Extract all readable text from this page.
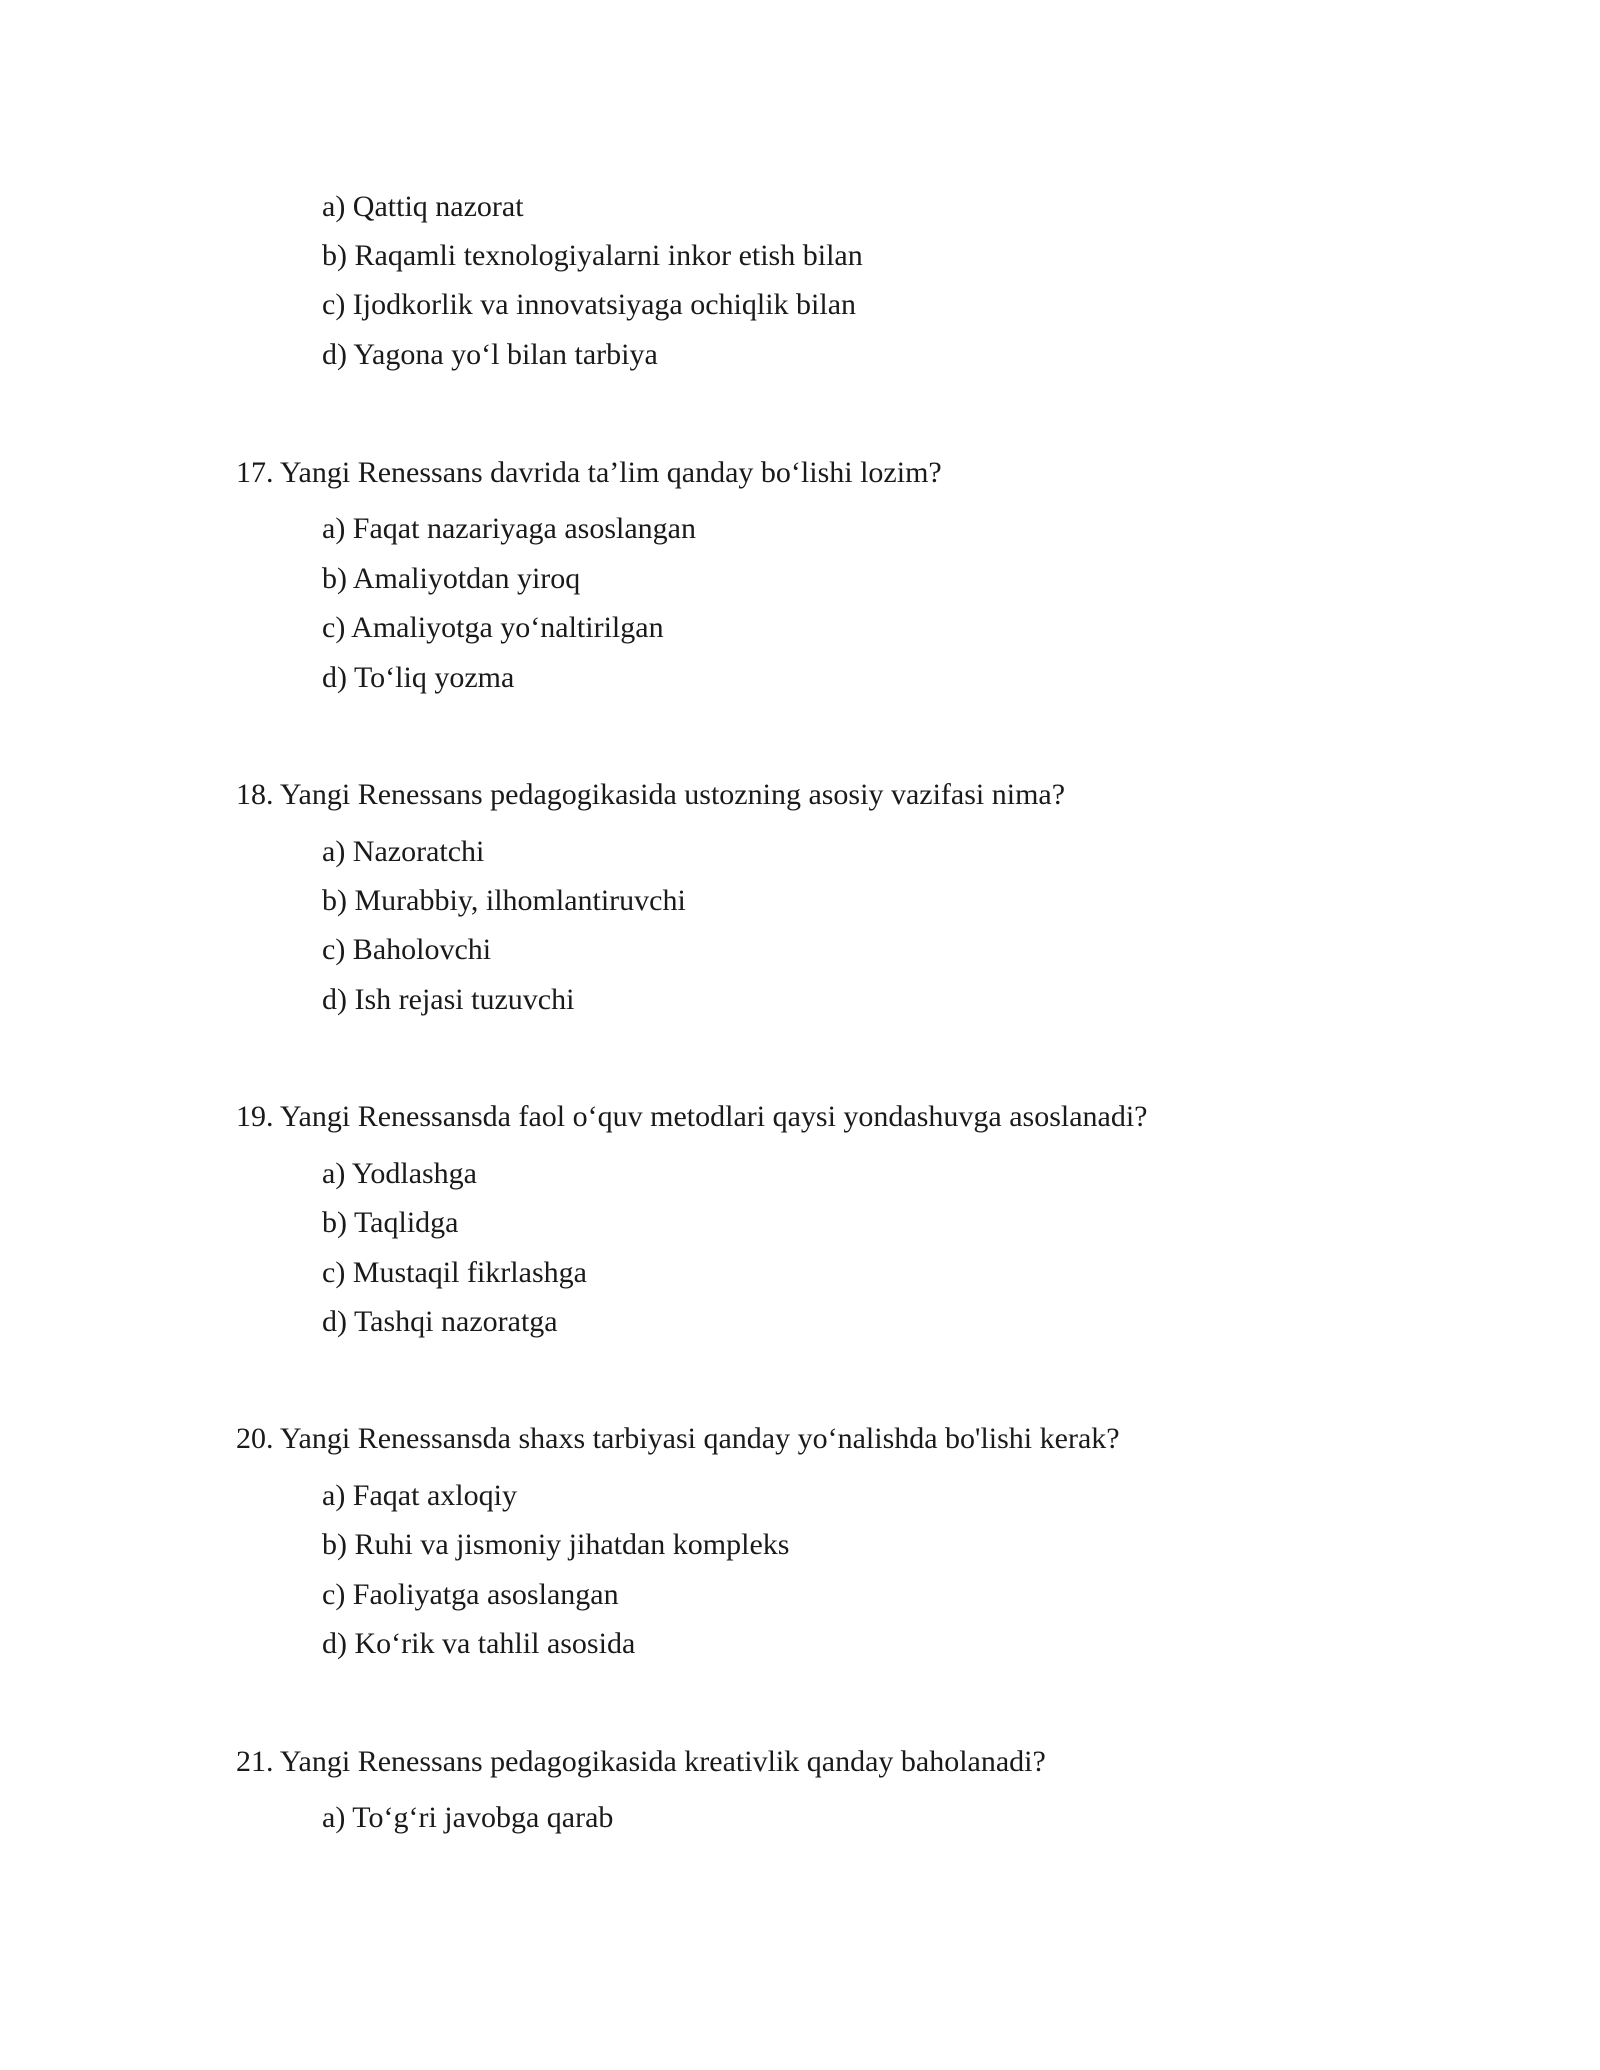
a) Qattiq nazorat

b) Raqamli texnologiyalarni inkor etish bilan

c) Ijodkorlik va innovatsiyaga ochiqlik bilan

d) Yagona yo‘l bilan tarbiya

17. Yangi Renessans davrida ta’lim qanday bo‘lishi lozim?

a) Faqat nazariyaga asoslangan

b) Amaliyotdan yiroq

c) Amaliyotga yo‘naltirilgan

d) To‘liq yozma

18. Yangi Renessans pedagogikasida ustozning asosiy vazifasi nima?

a) Nazoratchi

b) Murabbiy, ilhomlantiruvchi

c) Baholovchi

d) Ish rejasi tuzuvchi

19. Yangi Renessansda faol o‘quv metodlari qaysi yondashuvga asoslanadi?

a) Yodlashga

b) Taqlidga

c) Mustaqil fikrlashga

d) Tashqi nazoratga

20. Yangi Renessansda shaxs tarbiyasi qanday yo‘nalishda bo'lishi kerak?

a) Faqat axloqiy

b) Ruhi va jismoniy jihatdan kompleks

c) Faoliyatga asoslangan

d) Ko‘rik va tahlil asosida

21. Yangi Renessans pedagogikasida kreativlik qanday baholanadi?

a) To‘g‘ri javobga qarab
